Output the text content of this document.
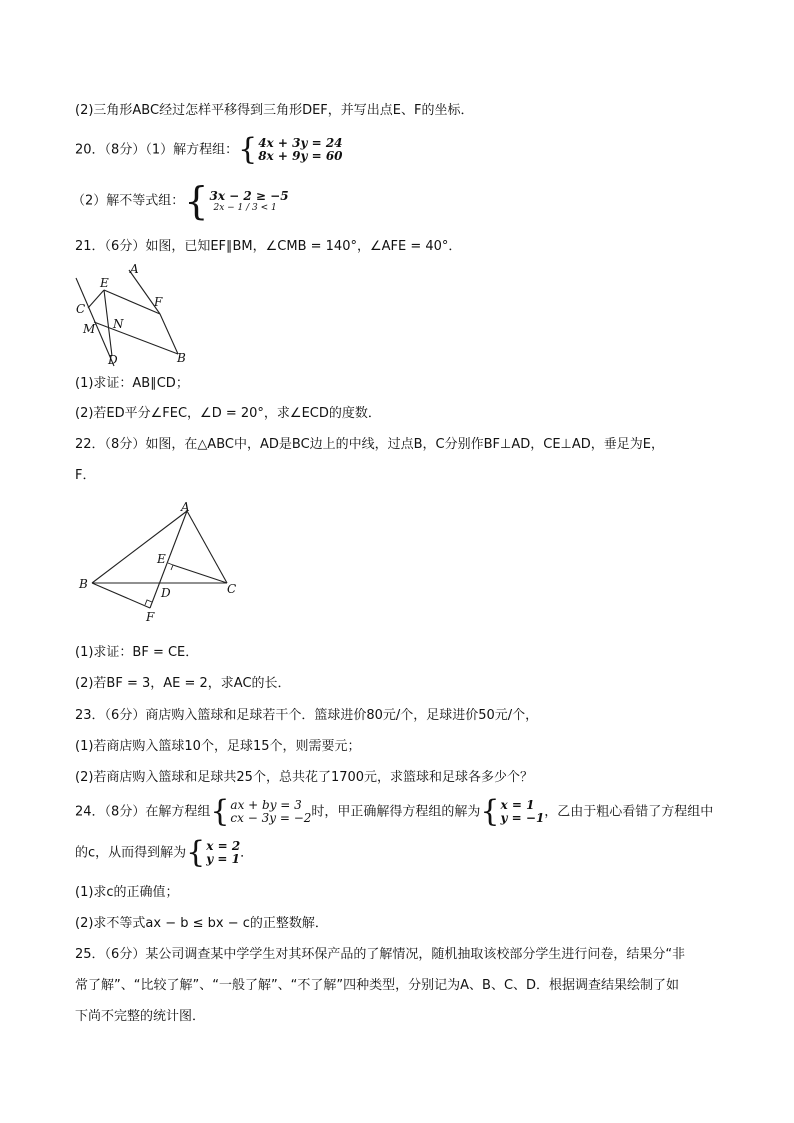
(2)三角形ABC经过怎样平移得到三角形DEF，并写出点E、F的坐标．
20．（8分）（1）解方程组： { 4x + 3y = 24
8x + 9y = 60
（2）解不等式组： { 3x − 2 ≥ −5
2x − 1 / 3 < 1
21．（6分）如图，已知EF∥BM，∠CMB = 140°，∠AFE = 40°．
A
C
E
F
M N
D	B
(1)求证：AB∥CD；
(2)若ED平分∠FEC，∠D = 20°，求∠ECD的度数．
22．（8分）如图，在△ABC中，AD是BC边上的中线，过点B，C分别作BF⊥AD，CE⊥AD，垂足为E，
F．
A
B	C
D
E
F
(1)求证：BF = CE．
(2)若BF = 3，AE = 2，求AC的长．
23．（6分）商店购入篮球和足球若干个．篮球进价80元/个，足球进价50元/个，
(1)若商店购入篮球10个，足球15个，则需要元；
(2)若商店购入篮球和足球共25个，总共花了1700元，求篮球和足球各多少个？
24．（8分）在解方程组 { ax + by = 3
cx − 3y = −2 时，甲正确解得方程组的解为 { x = 1
y = −1 ，乙由于粗心看错了方程组中
的c，从而得到解为 { x = 2
y = 1 ．
(1)求c的正确值；
(2)求不等式ax − b ≤ bx − c的正整数解．
25．（6分）某公司调查某中学学生对其环保产品的了解情况，随机抽取该校部分学生进行问卷，结果分“非
常了解”、“比较了解”、“一般了解”、“不了解”四种类型，分别记为A、B、C、D．根据调查结果绘制了如
下尚不完整的统计图．
